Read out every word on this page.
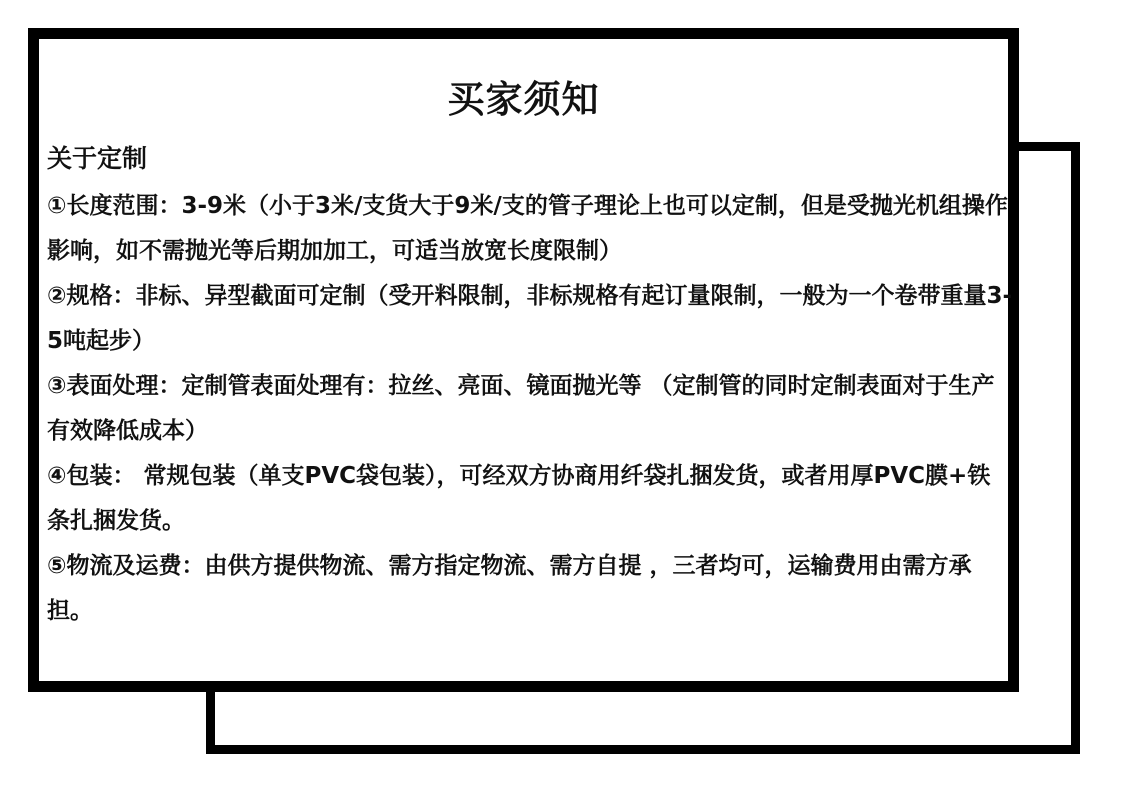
买家须知
关于定制

①长度范围：3-9米（小于3米/支货大于9米/支的管子理论上也可以定制，但是受抛光机组操作影响，如不需抛光等后期加加工，可适当放宽长度限制）

②规格：非标、异型截面可定制（受开料限制，非标规格有起订量限制，一般为一个卷带重量3-5吨起步）

③表面处理：定制管表面处理有：拉丝、亮面、镜面抛光等 （定制管的同时定制表面对于生产有效降低成本）

④包装： 常规包装（单支PVC袋包装），可经双方协商用纤袋扎捆发货，或者用厚PVC膜+铁条扎捆发货。

⑤物流及运费：由供方提供物流、需方指定物流、需方自提 ，三者均可，运输费用由需方承担。
